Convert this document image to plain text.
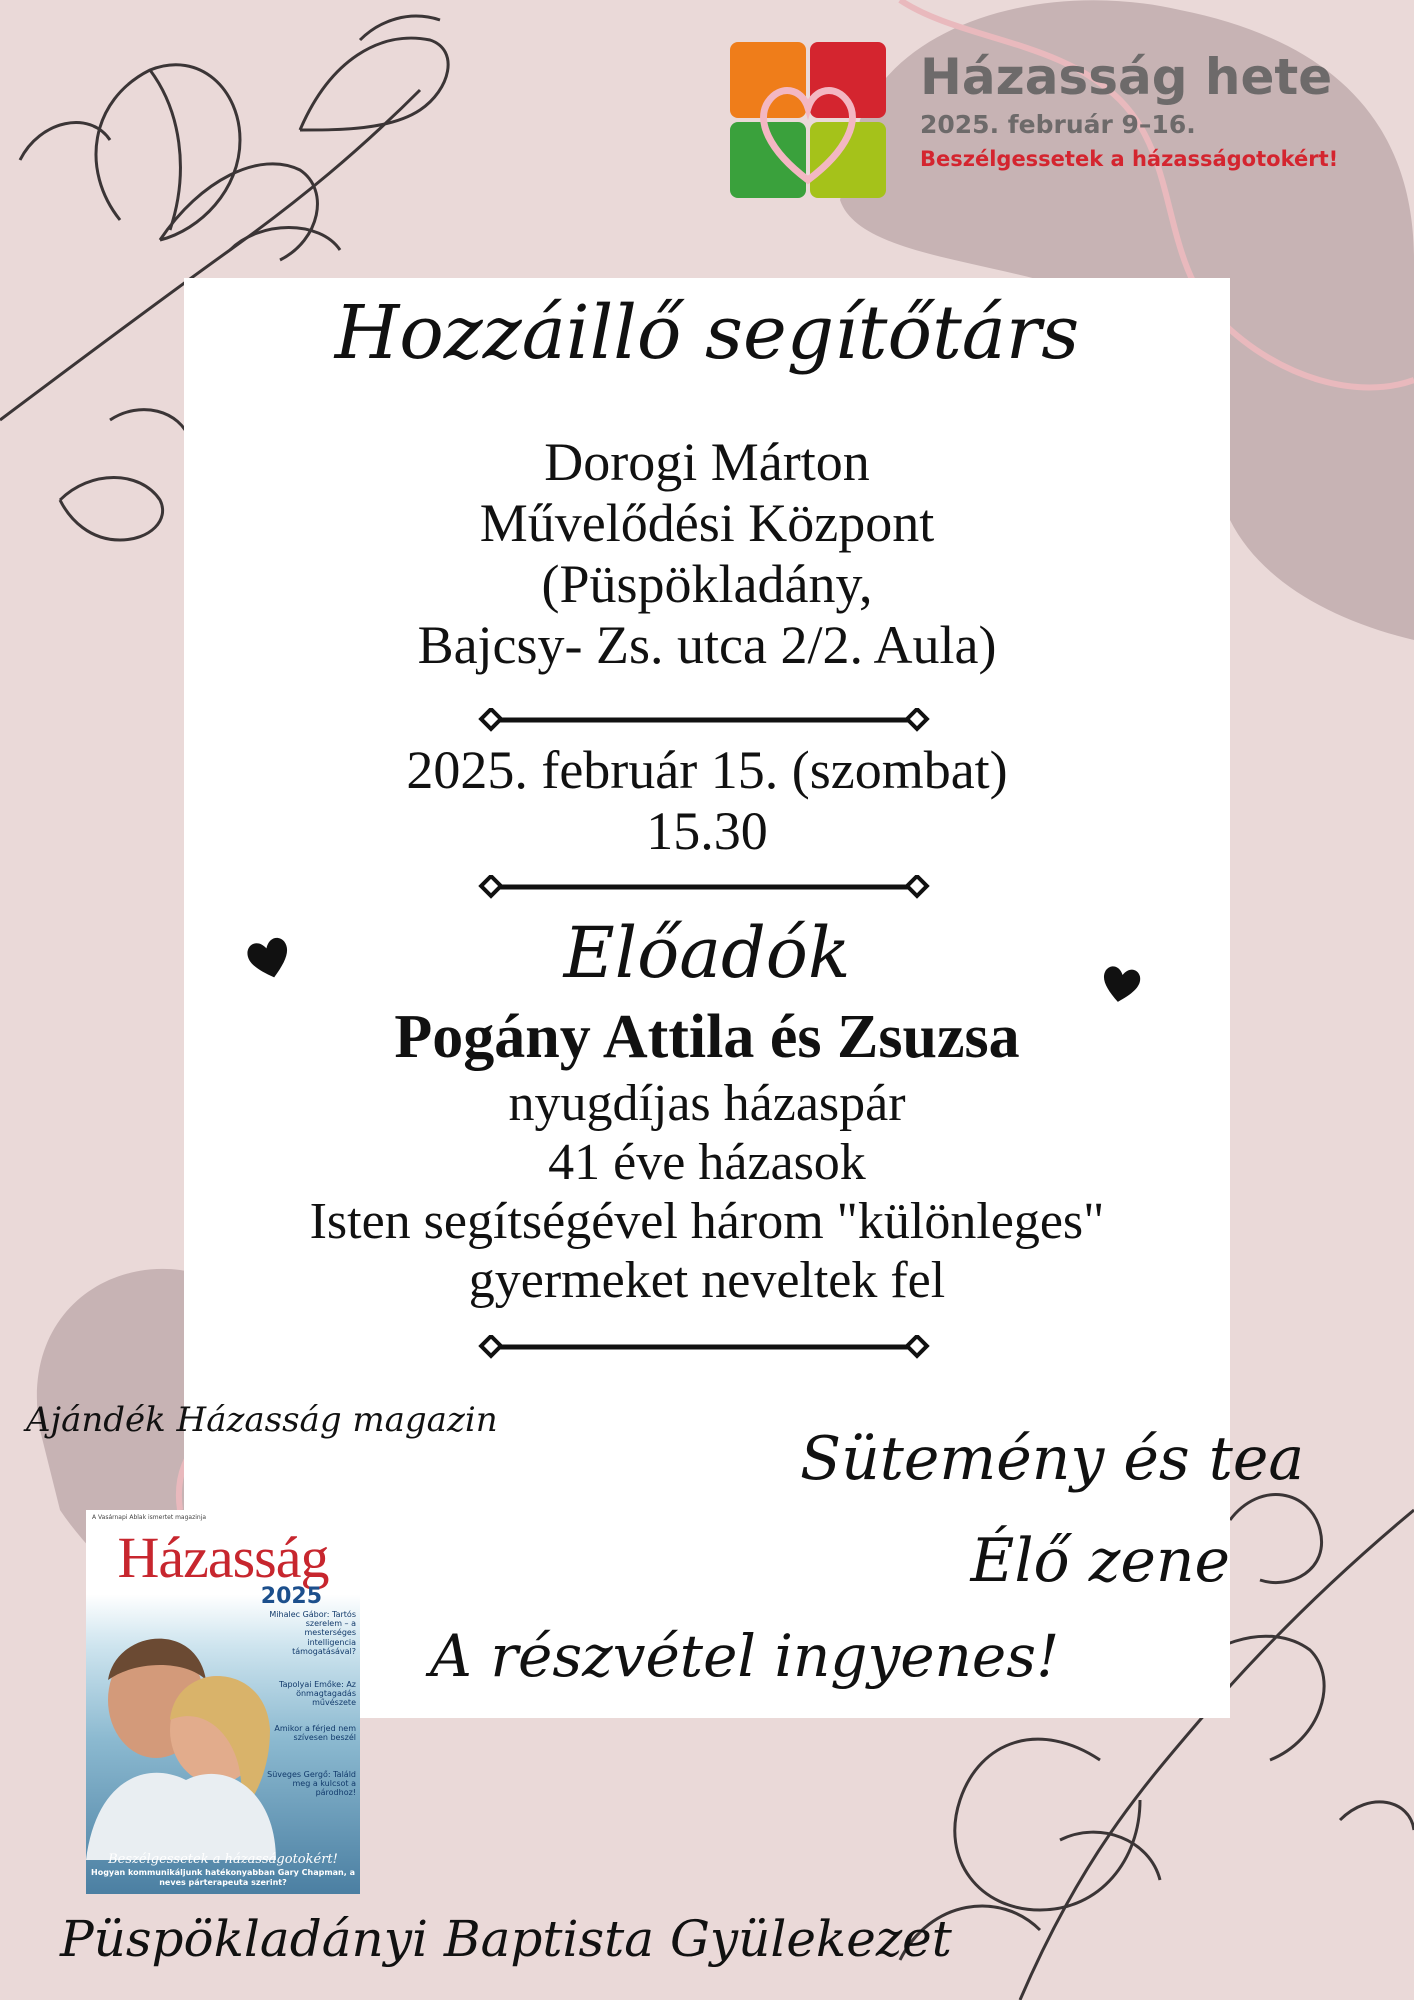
Házasság hete
2025. február 9–16.
Beszélgessetek a házasságotokért!
Hozzáillő segítőtárs
Dorogi Márton
Művelődési Központ
(Püspökladány,
Bajcsy- Zs. utca 2/2. Aula)
2025. február 15. (szombat)
15.30
Előadók
Pogány Attila és Zsuzsa
nyugdíjas házaspár
41 éve házasok
Isten segítségével három "különleges"
gyermeket neveltek fel
Ajándék Házasság magazin
Sütemény és tea
Élő zene
A részvétel ingyenes!
Püspökladányi Baptista Gyülekezet
A Vasárnapi Ablak ismertet magazinja
Házasság
2025
Mihalec Gábor: Tartós szerelem – a mesterséges intelligencia támogatásával?
Tapolyai Emőke: Az önmagtagadás művészete
Amikor a férjed nem szívesen beszél
Süveges Gergő: Találd meg a kulcsot a párodhoz!
Beszélgessetek a házasságotokért!
Hogyan kommunikáljunk hatékonyabban Gary Chapman, a neves párterapeuta szerint?
